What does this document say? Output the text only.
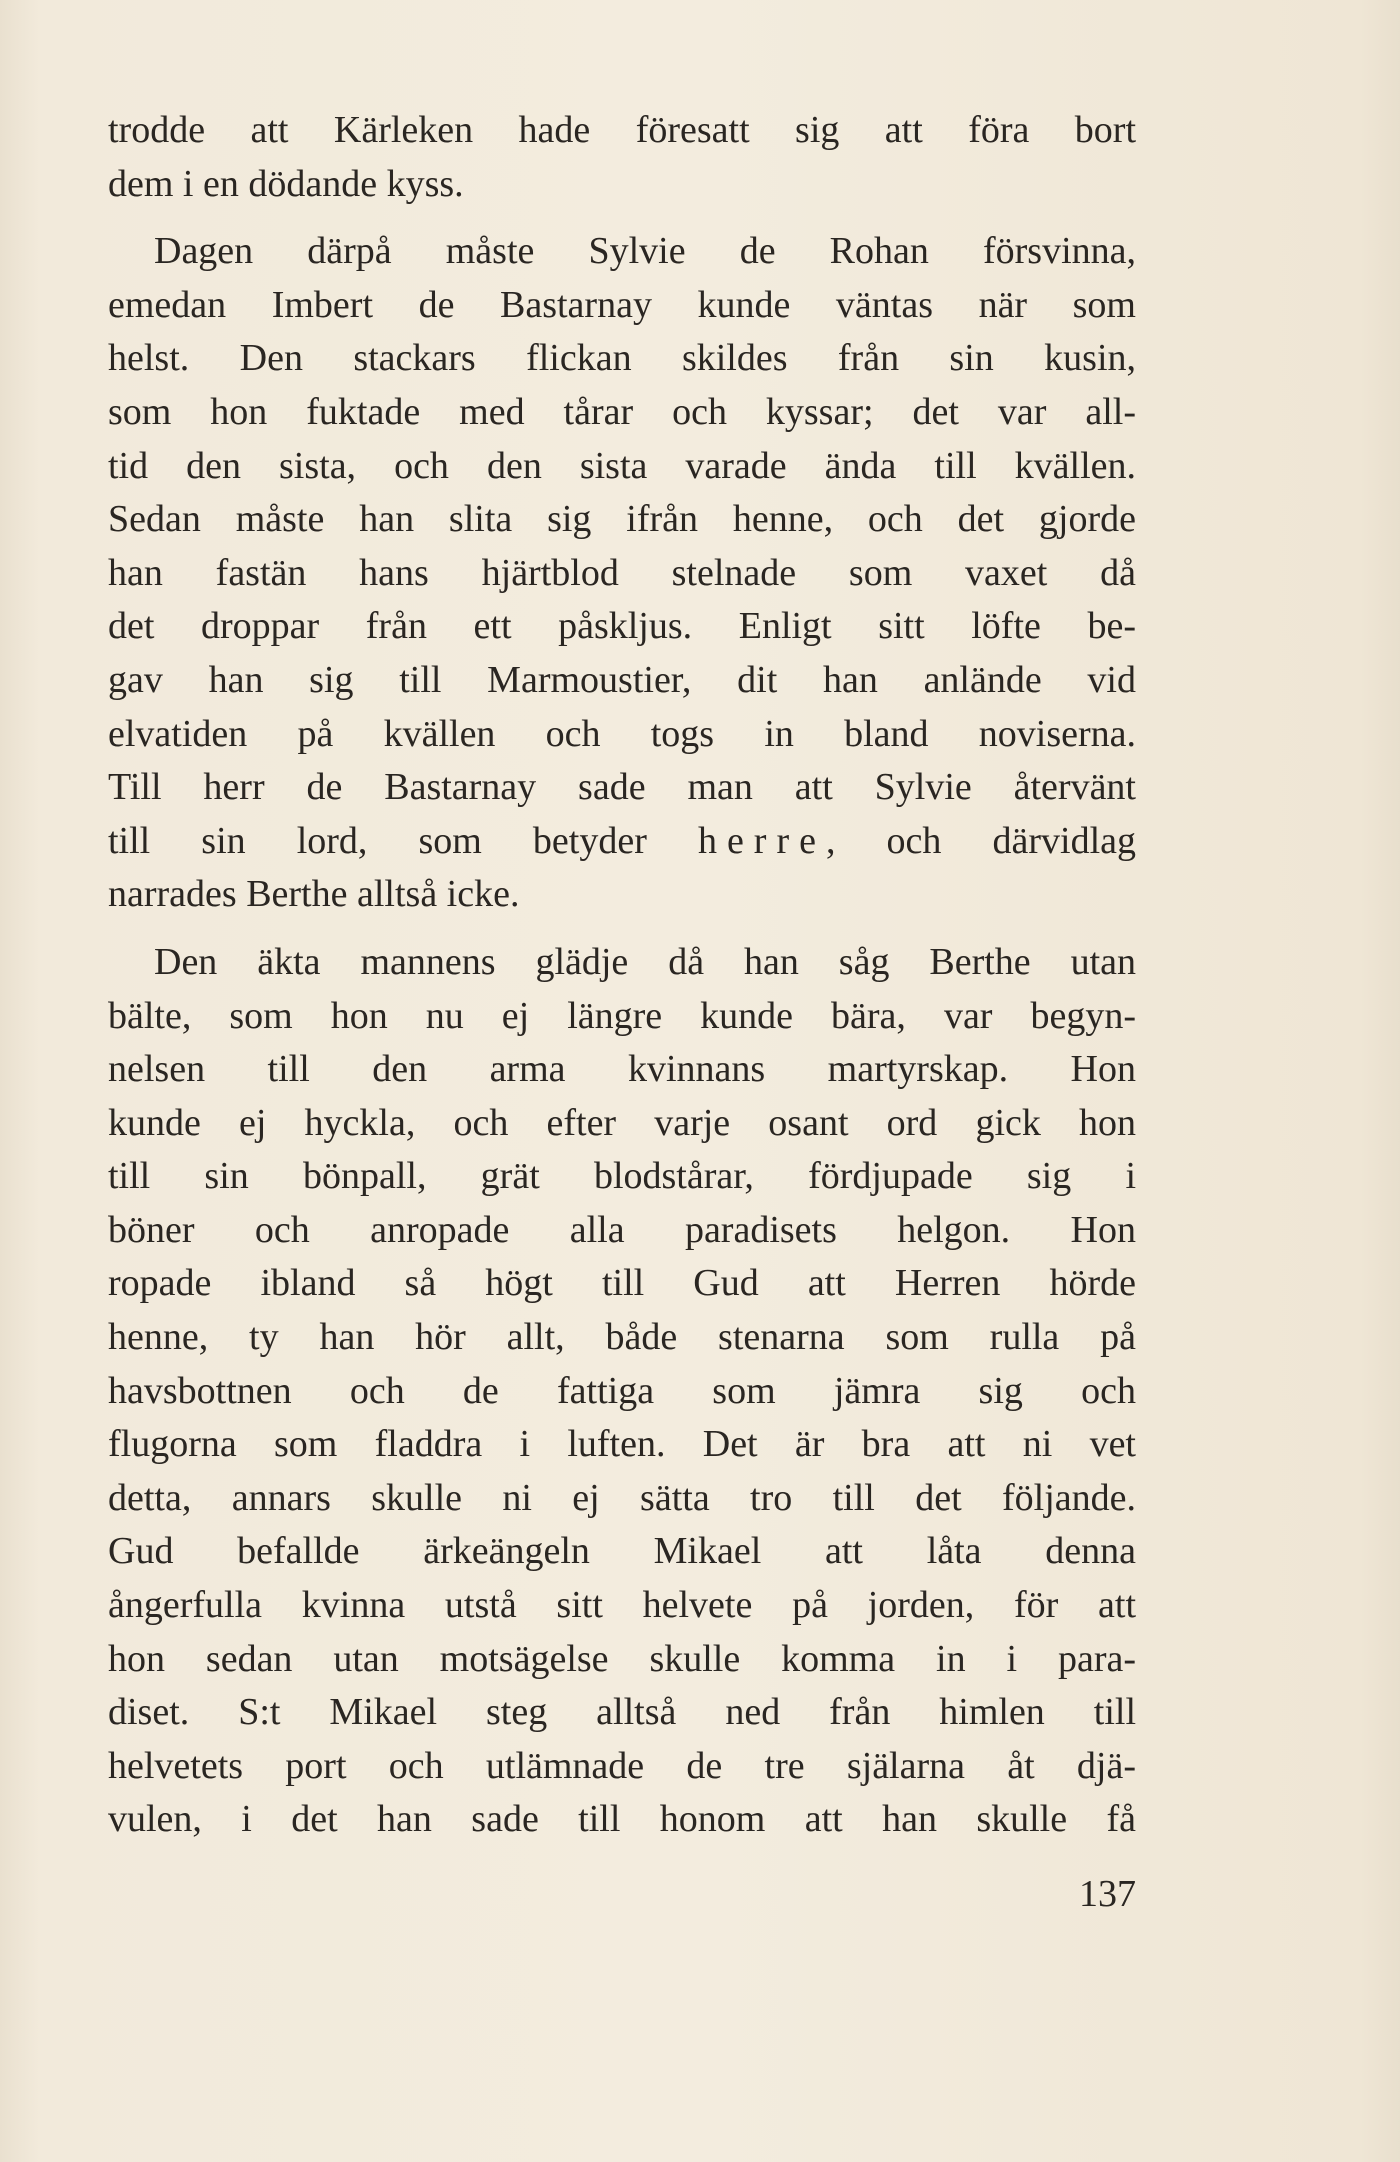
trodde att Kärleken hade föresatt sig att föra bort
dem i en dödande kyss.
Dagen därpå måste Sylvie de Rohan försvinna,
emedan Imbert de Bastarnay kunde väntas när som
helst. Den stackars flickan skildes från sin kusin,
som hon fuktade med tårar och kyssar; det var all-
tid den sista, och den sista varade ända till kvällen.
Sedan måste han slita sig ifrån henne, och det gjorde
han fastän hans hjärtblod stelnade som vaxet då
det droppar från ett påskljus. Enligt sitt löfte be-
gav han sig till Marmoustier, dit han anlände vid
elvatiden på kvällen och togs in bland noviserna.
Till herr de Bastarnay sade man att Sylvie återvänt
till sin lord, som betyder herre, och därvidlag
narrades Berthe alltså icke.
Den äkta mannens glädje då han såg Berthe utan
bälte, som hon nu ej längre kunde bära, var begyn-
nelsen till den arma kvinnans martyrskap. Hon
kunde ej hyckla, och efter varje osant ord gick hon
till sin bönpall, grät blodstårar, fördjupade sig i
böner och anropade alla paradisets helgon. Hon
ropade ibland så högt till Gud att Herren hörde
henne, ty han hör allt, både stenarna som rulla på
havsbottnen och de fattiga som jämra sig och
flugorna som fladdra i luften. Det är bra att ni vet
detta, annars skulle ni ej sätta tro till det följande.
Gud befallde ärkeängeln Mikael att låta denna
ångerfulla kvinna utstå sitt helvete på jorden, för att
hon sedan utan motsägelse skulle komma in i para-
diset. S:t Mikael steg alltså ned från himlen till
helvetets port och utlämnade de tre själarna åt djä-
vulen, i det han sade till honom att han skulle få
137
